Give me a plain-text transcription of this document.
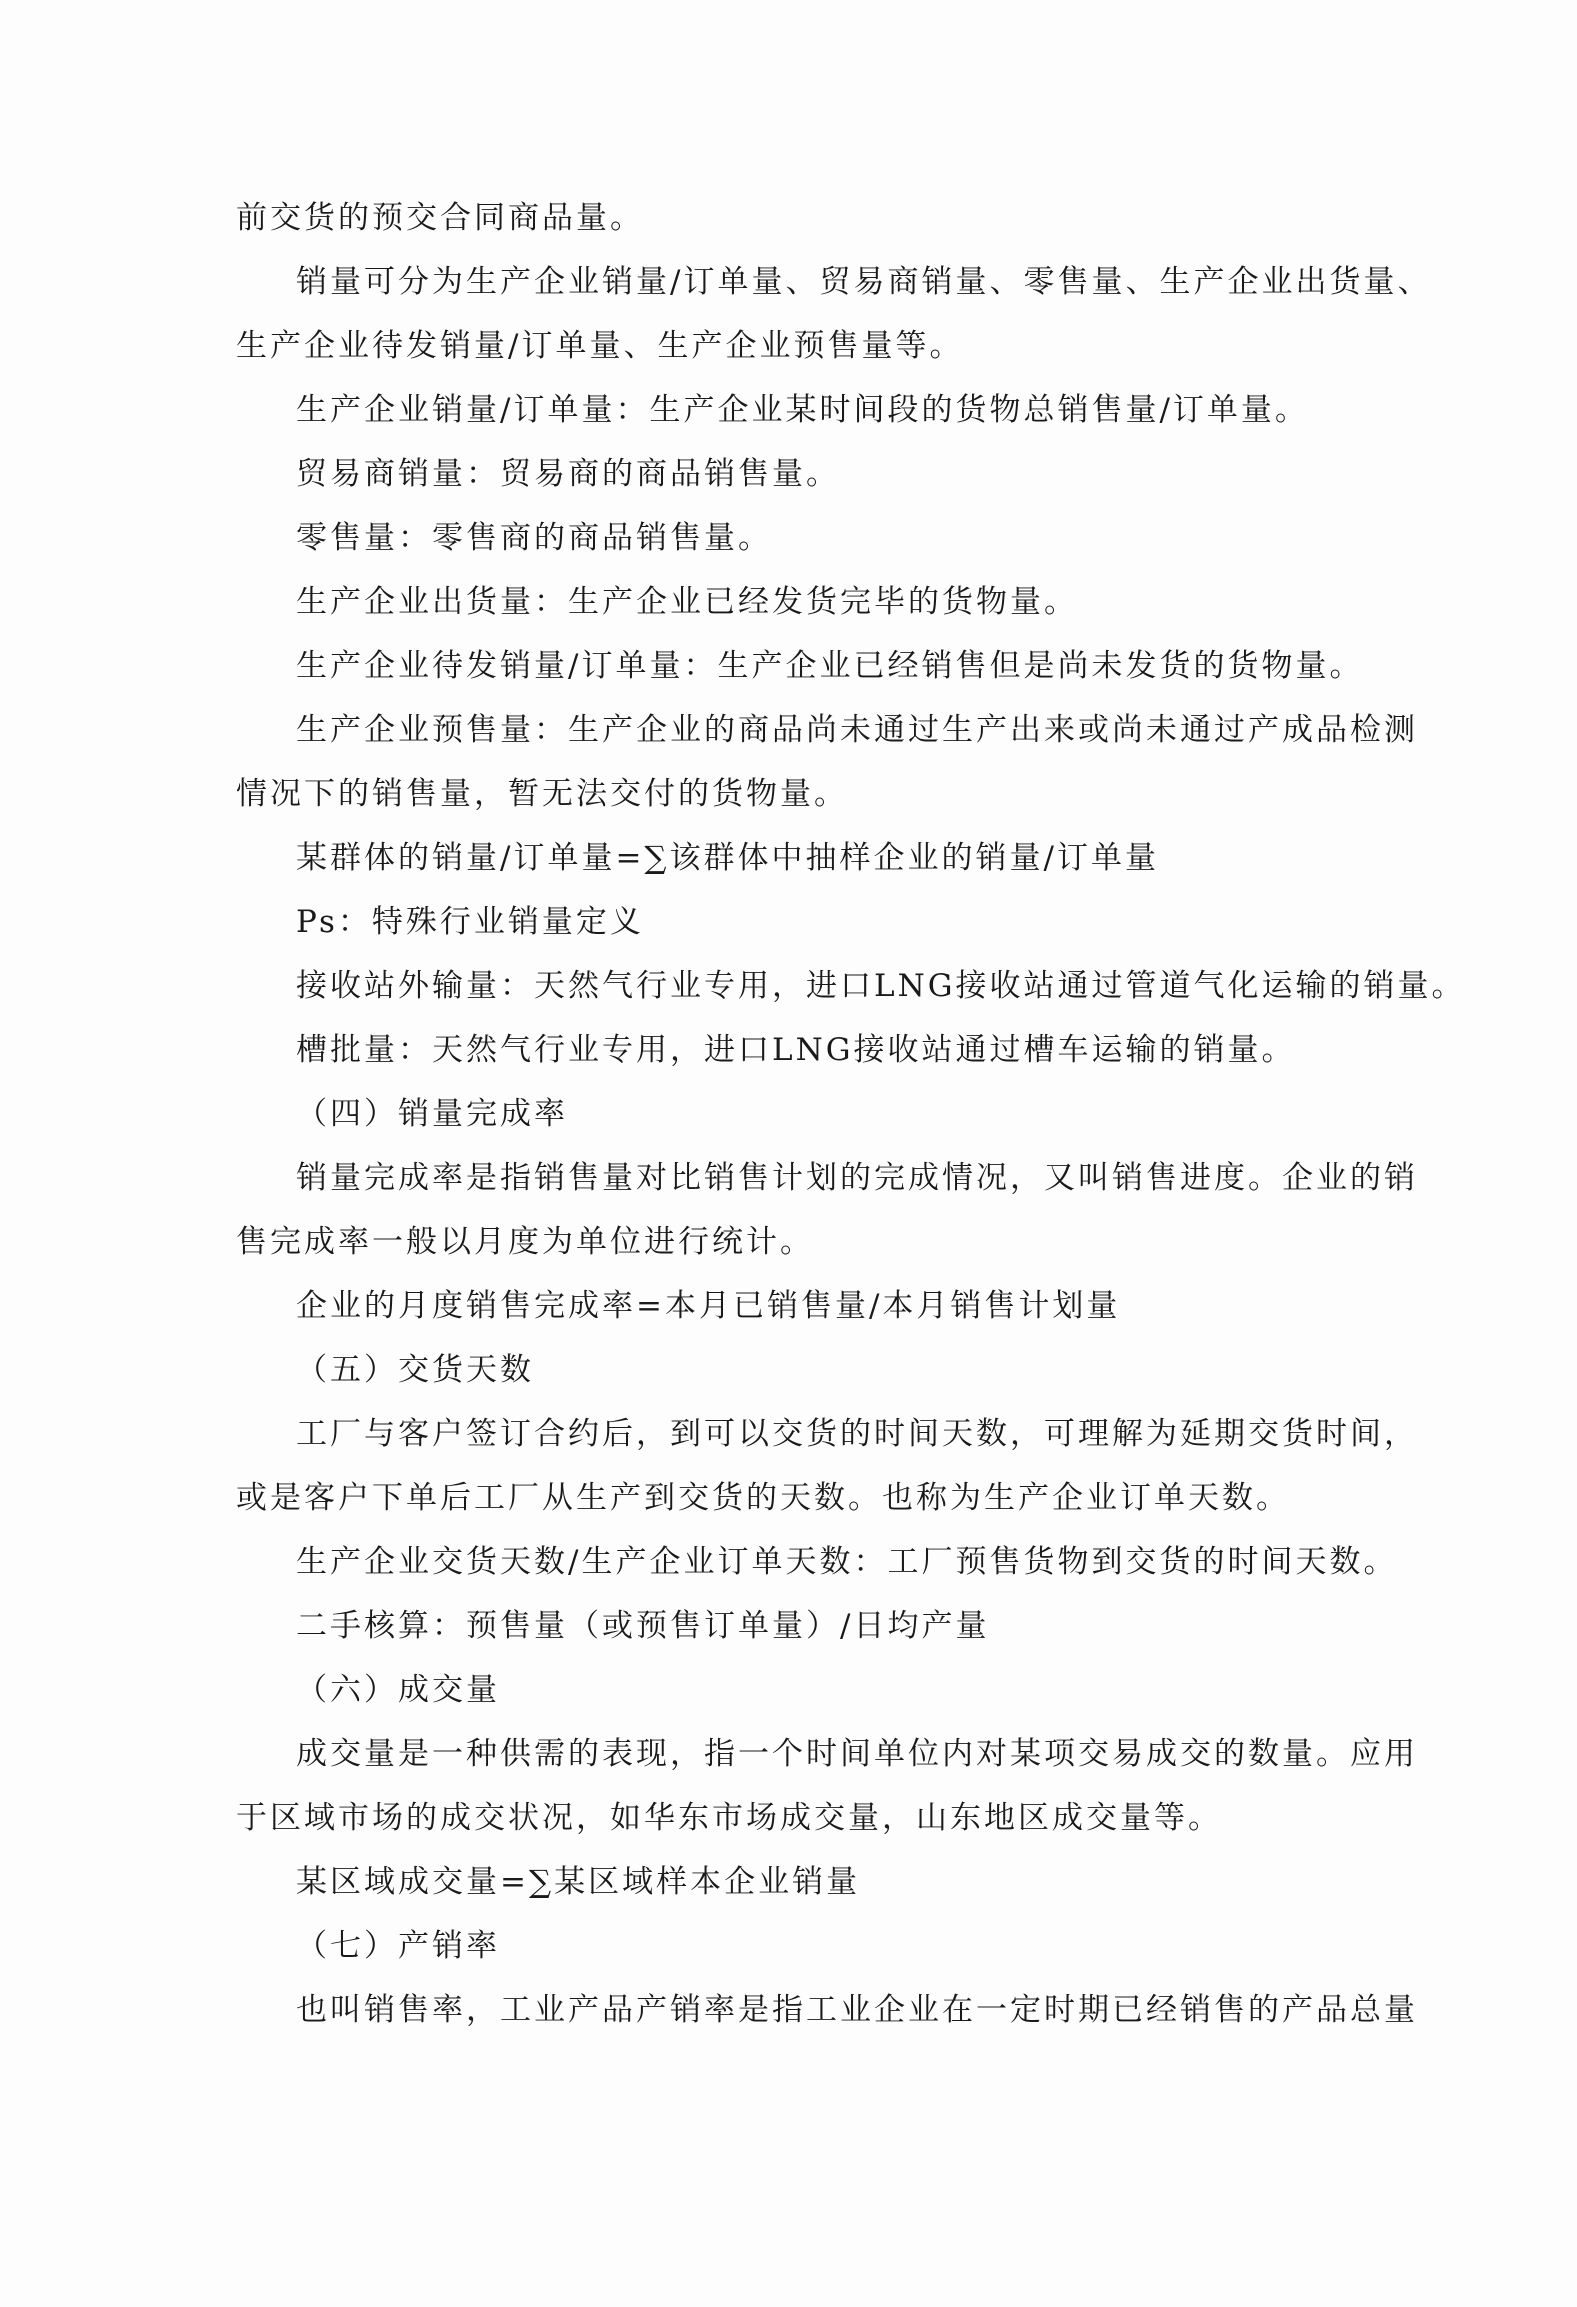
前交货的预交合同商品量。
销量可分为生产企业销量/订单量、贸易商销量、零售量、生产企业出货量、
生产企业待发销量/订单量、生产企业预售量等。
生产企业销量/订单量：生产企业某时间段的货物总销售量/订单量。
贸易商销量：贸易商的商品销售量。
零售量：零售商的商品销售量。
生产企业出货量：生产企业已经发货完毕的货物量。
生产企业待发销量/订单量：生产企业已经销售但是尚未发货的货物量。
生产企业预售量：生产企业的商品尚未通过生产出来或尚未通过产成品检测
情况下的销售量，暂无法交付的货物量。
某群体的销量/订单量=∑该群体中抽样企业的销量/订单量
Ps：特殊行业销量定义
接收站外输量：天然气行业专用，进口LNG接收站通过管道气化运输的销量。
槽批量：天然气行业专用，进口LNG接收站通过槽车运输的销量。
（四）销量完成率
销量完成率是指销售量对比销售计划的完成情况，又叫销售进度。企业的销
售完成率一般以月度为单位进行统计。
企业的月度销售完成率=本月已销售量/本月销售计划量
（五）交货天数
工厂与客户签订合约后，到可以交货的时间天数，可理解为延期交货时间，
或是客户下单后工厂从生产到交货的天数。也称为生产企业订单天数。
生产企业交货天数/生产企业订单天数：工厂预售货物到交货的时间天数。
二手核算：预售量（或预售订单量）/日均产量
（六）成交量
成交量是一种供需的表现，指一个时间单位内对某项交易成交的数量。应用
于区域市场的成交状况，如华东市场成交量，山东地区成交量等。
某区域成交量=∑某区域样本企业销量
（七）产销率
也叫销售率，工业产品产销率是指工业企业在一定时期已经销售的产品总量
